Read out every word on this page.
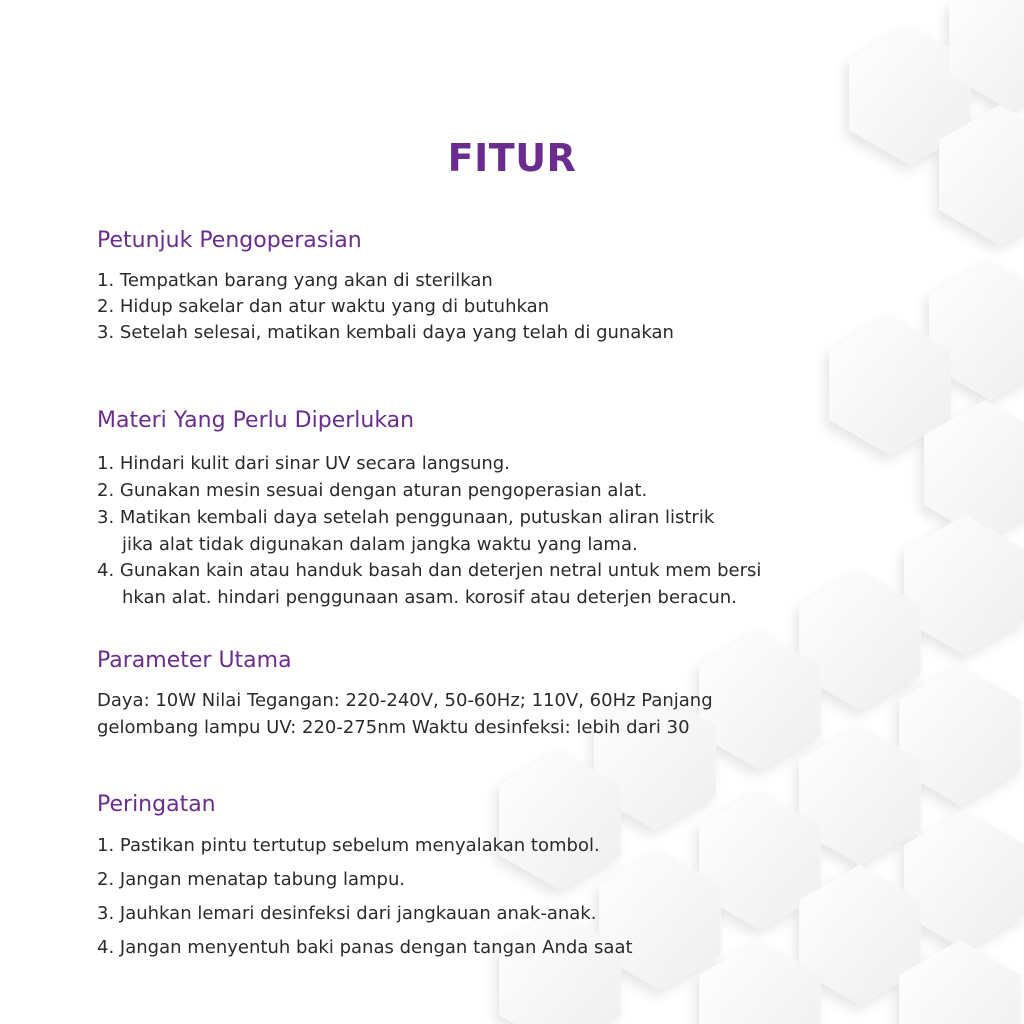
FITUR
Petunjuk Pengoperasian

1. Tempatkan barang yang akan di sterilkan

2. Hidup sakelar dan atur waktu yang di butuhkan

3. Setelah selesai, matikan kembali daya yang telah di gunakan

Materi Yang Perlu Diperlukan

1. Hindari kulit dari sinar UV secara langsung.

2. Gunakan mesin sesuai dengan aturan pengoperasian alat.

3. Matikan kembali daya setelah penggunaan, putuskan aliran listrik

jika alat tidak digunakan dalam jangka waktu yang lama.

4. Gunakan kain atau handuk basah dan deterjen netral untuk mem bersi

hkan alat. hindari penggunaan asam. korosif atau deterjen beracun.

Parameter Utama

Daya: 10W Nilai Tegangan: 220-240V, 50-60Hz; 110V, 60Hz Panjang

gelombang lampu UV: 220-275nm Waktu desinfeksi: lebih dari 30

Peringatan

1. Pastikan pintu tertutup sebelum menyalakan tombol.

2. Jangan menatap tabung lampu.

3. Jauhkan lemari desinfeksi dari jangkauan anak-anak.

4. Jangan menyentuh baki panas dengan tangan Anda saat
